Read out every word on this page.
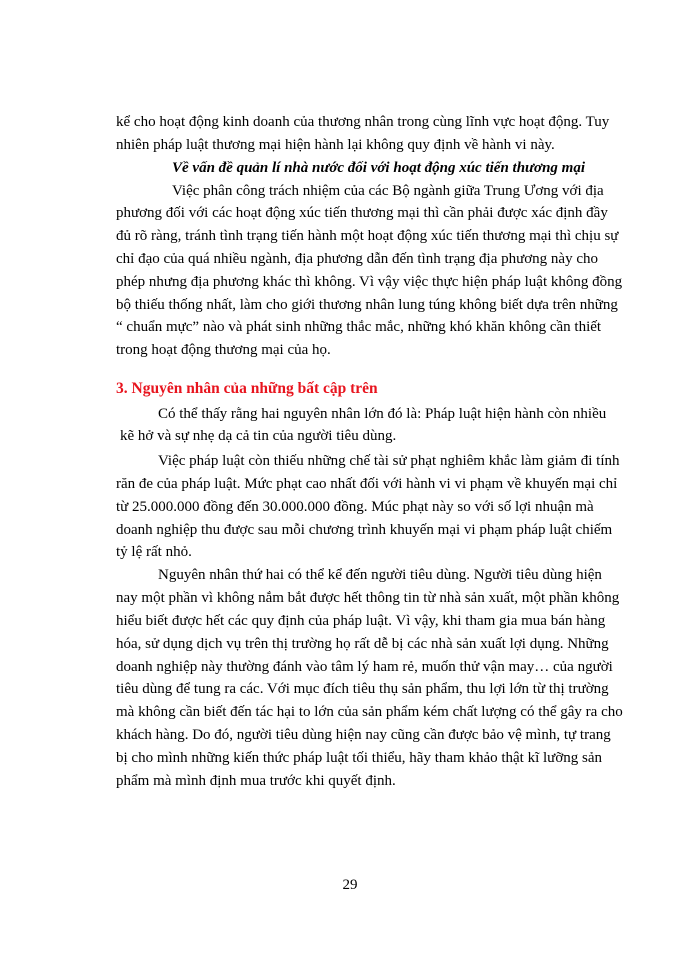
kể cho hoạt động kinh doanh của thương nhân trong cùng lĩnh vực hoạt động. Tuy
nhiên pháp luật thương mại hiện hành lại không quy định về hành vi này.
Về vấn đề quản lí nhà nước đối với hoạt động xúc tiến thương mại
Việc phân công trách nhiệm của các Bộ ngành giữa Trung Ương với địa
phương đối với các hoạt động xúc tiến thương mại thì cần phải được xác định đầy
đủ rõ ràng, tránh tình trạng tiến hành một hoạt động xúc tiến thương mại thì chịu sự
chỉ đạo của quá nhiều ngành, địa phương dẫn đến tình trạng địa phương này cho
phép nhưng địa phương khác thì không. Vì vậy việc thực hiện pháp luật không đồng
bộ thiếu thống nhất, làm cho giới thương nhân lung túng không biết dựa trên những
“ chuẩn mực” nào và phát sinh những thắc mắc, những khó khăn không cần thiết
trong hoạt động thương mại của họ.
3. Nguyên nhân của những bất cập trên
Có thể thấy rằng hai nguyên nhân lớn đó là: Pháp luật hiện hành còn nhiều
kẽ hở và sự nhẹ dạ cả tin của người tiêu dùng.
Việc pháp luật còn thiếu những chế tài sử phạt nghiêm khắc làm giảm đi tính
răn đe của pháp luật. Mức phạt cao nhất đối với hành vi vi phạm về khuyến mại chỉ
từ 25.000.000 đồng đến 30.000.000 đồng. Múc phạt này so với số lợi nhuận mà
doanh nghiệp thu được sau mỗi chương trình khuyến mại vi phạm pháp luật chiếm
tỷ lệ rất nhỏ.
Nguyên nhân thứ hai có thể kể đến người tiêu dùng. Người tiêu dùng hiện
nay một phần vì không nắm bắt được hết thông tin từ nhà sản xuất, một phần không
hiểu biết được hết các quy định của pháp luật. Vì vậy, khi tham gia mua bán hàng
hóa, sử dụng dịch vụ trên thị trường họ rất dễ bị các nhà sản xuất lợi dụng. Những
doanh nghiệp này thường đánh vào tâm lý ham rẻ, muốn thử vận may… của người
tiêu dùng để tung ra các. Với mục đích tiêu thụ sản phẩm, thu lợi lớn từ thị trường
mà không cần biết đến tác hại to lớn của sản phẩm kém chất lượng có thể gây ra cho
khách hàng. Do đó, người tiêu dùng hiện nay cũng cần được bảo vệ mình, tự trang
bị cho mình những kiến thức pháp luật tối thiểu, hãy tham khảo thật kĩ lưỡng sản
phẩm mà mình định mua trước khi quyết định.
29
